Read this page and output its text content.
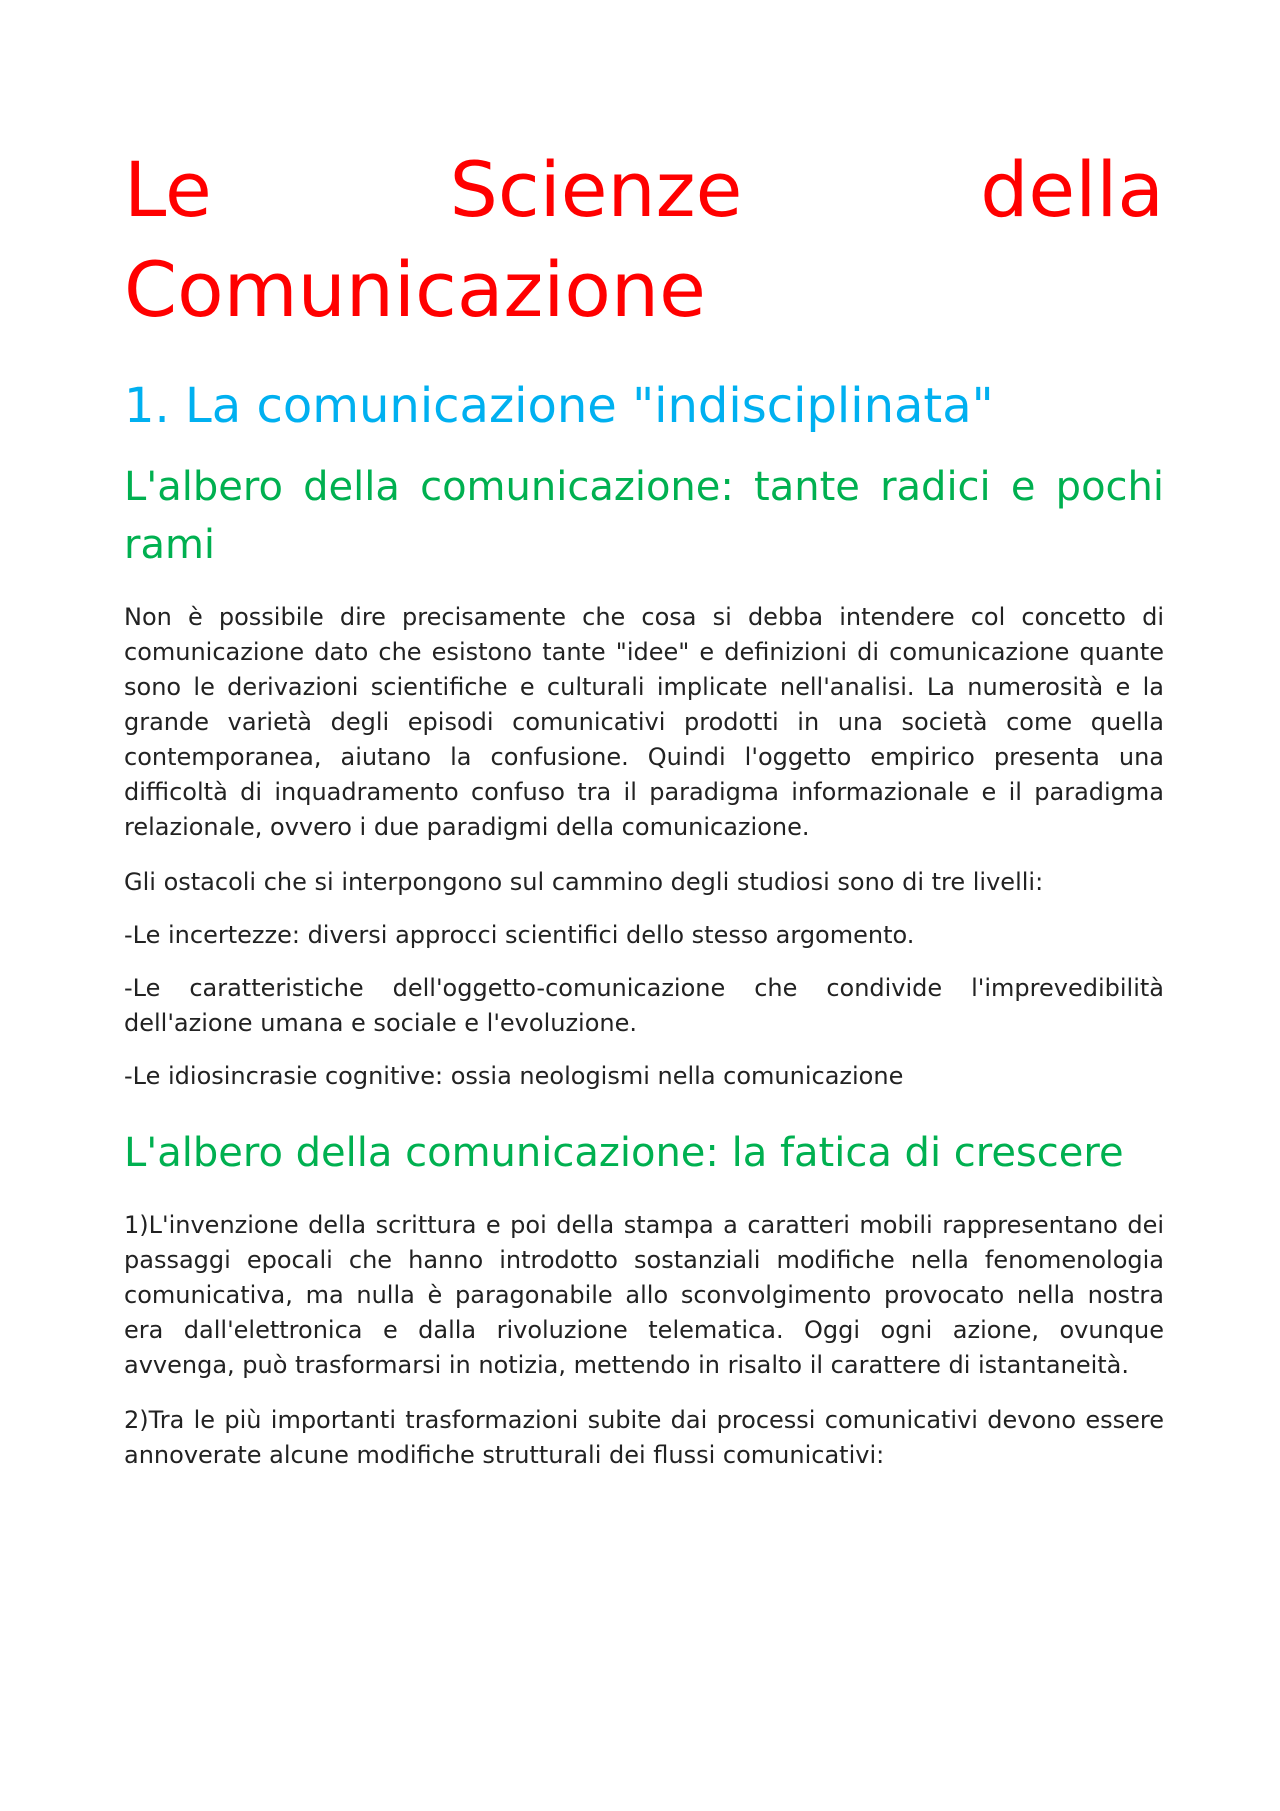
Le Scienze della
Comunicazione
1. La comunicazione "indisciplinata"
L'albero della comunicazione: tante radici e pochi rami

Non è possibile dire precisamente che cosa si debba intendere col concetto di comunicazione dato che esistono tante "idee" e definizioni di comunicazione quante sono le derivazioni scientifiche e culturali implicate nell'analisi. La numerosità e la grande varietà degli episodi comunicativi prodotti in una società come quella contemporanea, aiutano la confusione. Quindi l'oggetto empirico presenta una difficoltà di inquadramento confuso tra il paradigma informazionale e il paradigma relazionale, ovvero i due paradigmi della comunicazione.

Gli ostacoli che si interpongono sul cammino degli studiosi sono di tre livelli:

-Le incertezze: diversi approcci scientifici dello stesso argomento.

-Le caratteristiche dell'oggetto-comunicazione che condivide l'imprevedibilità dell'azione umana e sociale e l'evoluzione.

-Le idiosincrasie cognitive: ossia neologismi nella comunicazione

L'albero della comunicazione: la fatica di crescere

1)L'invenzione della scrittura e poi della stampa a caratteri mobili rappresentano dei passaggi epocali che hanno introdotto sostanziali modifiche nella fenomenologia comunicativa, ma nulla è paragonabile allo sconvolgimento provocato nella nostra era dall'elettronica e dalla rivoluzione telematica. Oggi ogni azione, ovunque avvenga, può trasformarsi in notizia, mettendo in risalto il carattere di istantaneità.

2)Tra le più importanti trasformazioni subite dai processi comunicativi devono essere annoverate alcune modifiche strutturali dei flussi comunicativi:
